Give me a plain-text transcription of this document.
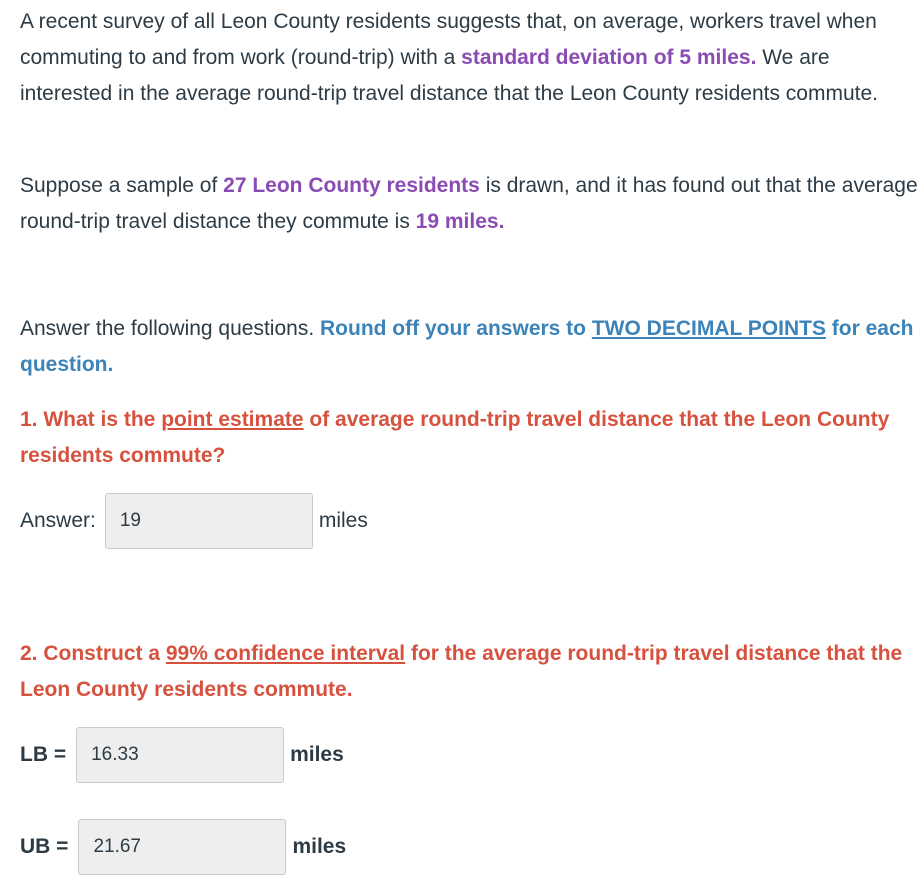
A recent survey of all Leon County residents suggests that, on average, workers travel when commuting to and from work (round-trip) with a standard deviation of 5 miles. We are interested in the average round-trip travel distance that the Leon County residents commute.

Suppose a sample of 27 Leon County residents is drawn, and it has found out that the average round-trip travel distance they commute is 19 miles.

Answer the following questions. Round off your answers to TWO DECIMAL POINTS for each question.

1. What is the point estimate of average round-trip travel distance that the Leon County residents commute?

Answer:	19	miles

2. Construct a 99% confidence interval for the average round-trip travel distance that the Leon County residents commute.

LB =	16.33	miles
UB =	21.67	miles
